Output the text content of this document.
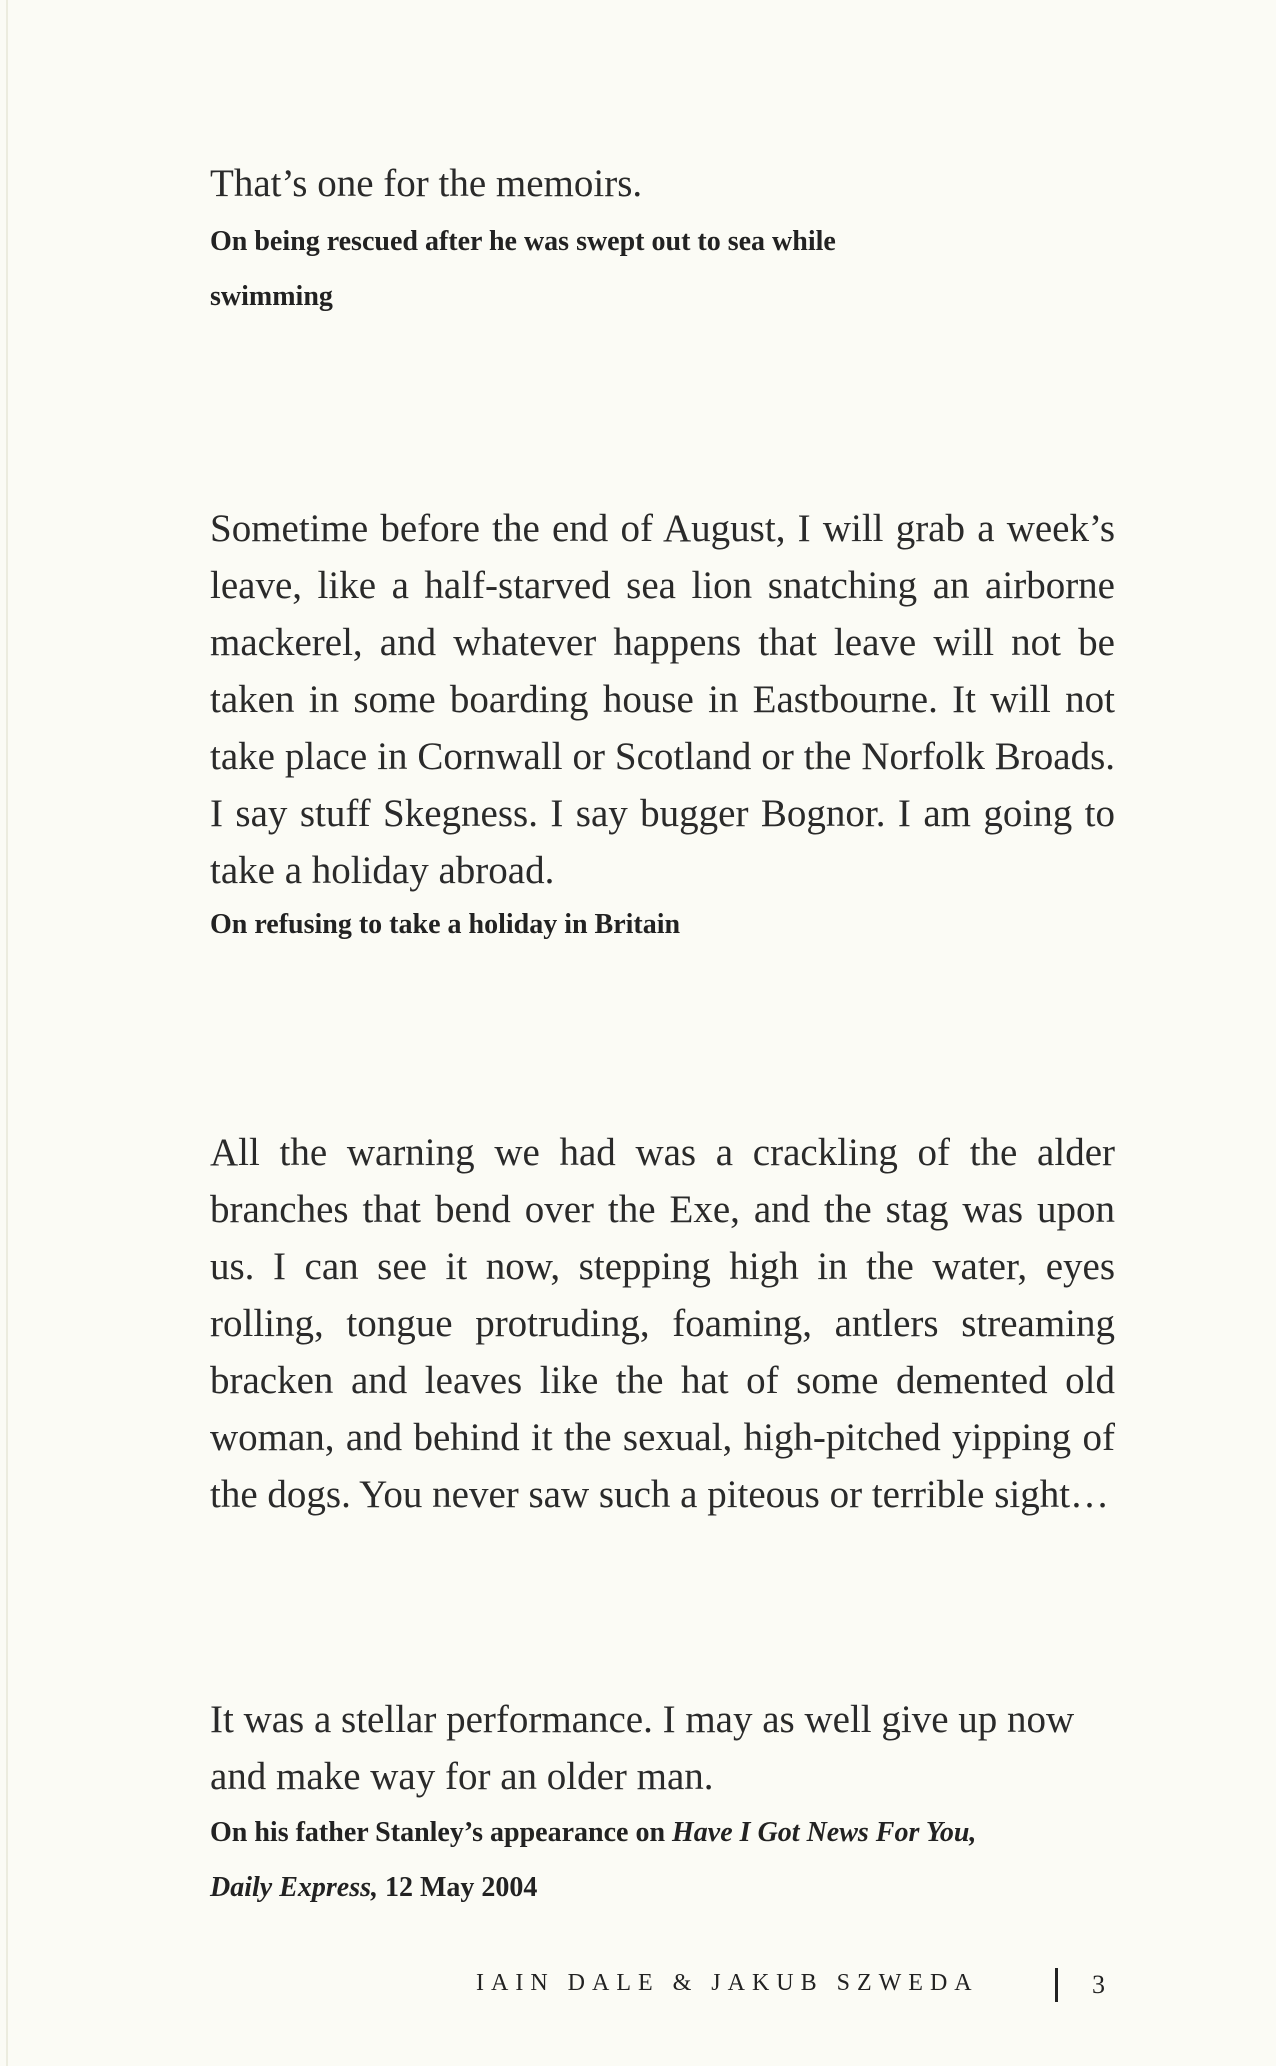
That’s one for the memoirs.
On being rescued after he was swept out to sea while swimming
Sometime before the end of August, I will grab a week’s leave, like a half-starved sea lion snatching an airborne mackerel, and whatever happens that leave will not be taken in some boarding house in Eastbourne. It will not take place in Cornwall or Scotland or the Norfolk Broads. I say stuff Skegness. I say bugger Bognor. I am going to take a holiday abroad.
On refusing to take a holiday in Britain
All the warning we had was a crackling of the alder branches that bend over the Exe, and the stag was upon us. I can see it now, stepping high in the water, eyes rolling, tongue protruding, foaming, antlers streaming bracken and leaves like the hat of some demented old woman, and behind it the sexual, high-pitched yipping of the dogs. You never saw such a piteous or terrible sight…
It was a stellar performance. I may as well give up now and make way for an older man.
On his father Stanley’s appearance on Have I Got News For You,
Daily Express, 12 May 2004
IAIN DALE & JAKUB SZWEDA	3
